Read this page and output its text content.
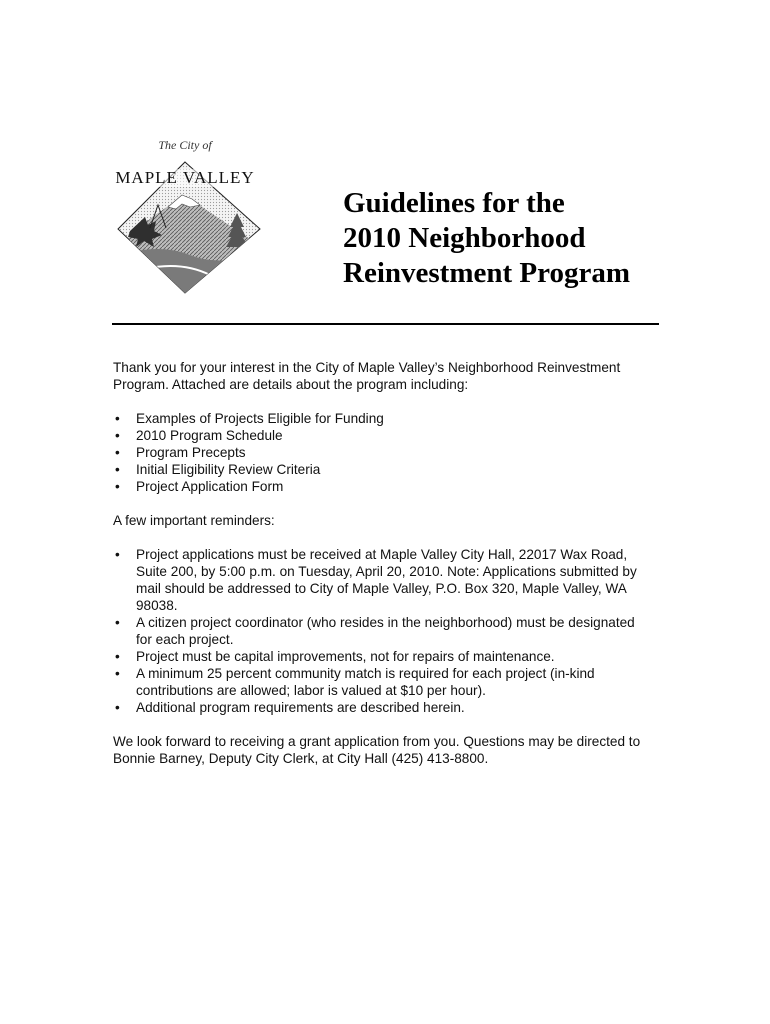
The City of
MAPLE VALLEY
Guidelines for the
2010 Neighborhood
Reinvestment Program

Thank you for your interest in the City of Maple Valley’s Neighborhood Reinvestment
Program. Attached are details about the program including:

• Examples of Projects Eligible for Funding
• 2010 Program Schedule
• Program Precepts
• Initial Eligibility Review Criteria
• Project Application Form

A few important reminders:

• Project applications must be received at Maple Valley City Hall, 22017 Wax Road,
Suite 200, by 5:00 p.m. on Tuesday, April 20, 2010. Note: Applications submitted by
mail should be addressed to City of Maple Valley, P.O. Box 320, Maple Valley, WA
98038.
• A citizen project coordinator (who resides in the neighborhood) must be designated
for each project.
• Project must be capital improvements, not for repairs of maintenance.
• A minimum 25 percent community match is required for each project (in-kind
contributions are allowed; labor is valued at $10 per hour).
• Additional program requirements are described herein.

We look forward to receiving a grant application from you. Questions may be directed to
Bonnie Barney, Deputy City Clerk, at City Hall (425) 413-8800.
